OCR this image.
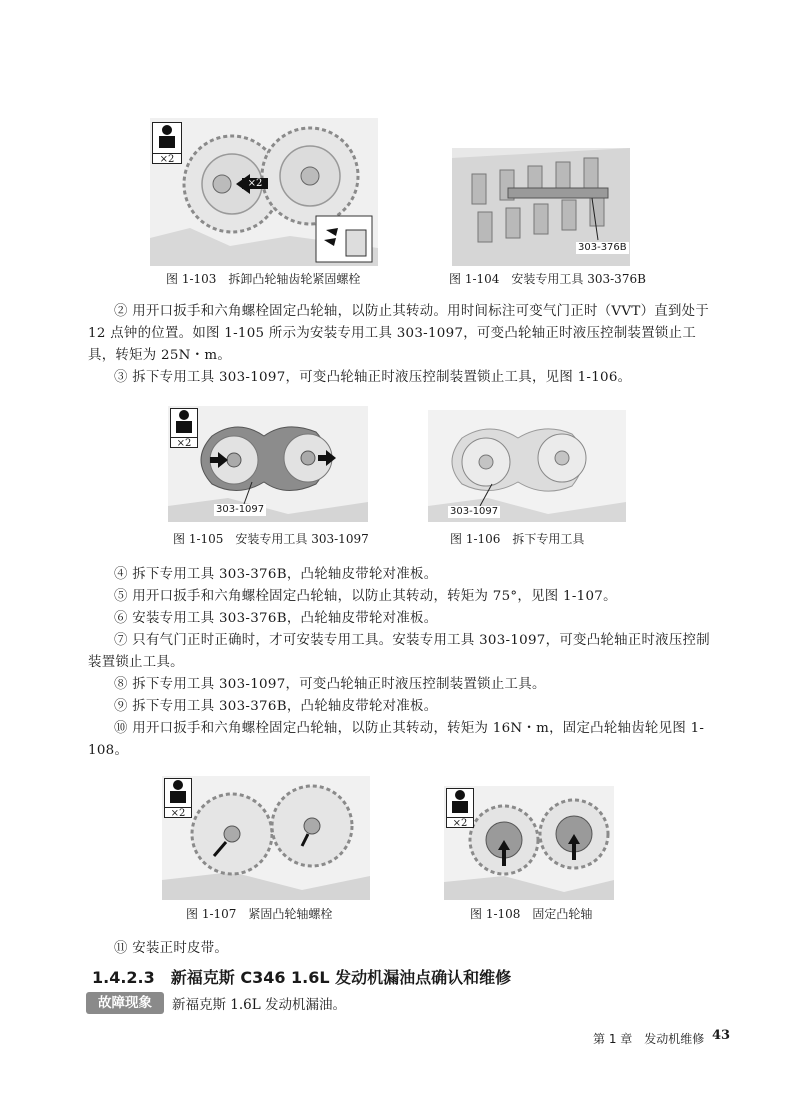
×2
×2
图 1-103　拆卸凸轮轴齿轮紧固螺栓
303-376B
图 1-104　安装专用工具 303-376B
② 用开口扳手和六角螺栓固定凸轮轴，以防止其转动。用时间标注可变气门正时（VVT）直到处于 12 点钟的位置。如图 1-105 所示为安装专用工具 303-1097，可变凸轮轴正时液压控制装置锁止工具，转矩为 25N・m。
③ 拆下专用工具 303-1097，可变凸轮轴正时液压控制装置锁止工具，见图 1-106。
×2
303-1097
图 1-105　安装专用工具 303-1097
303-1097
图 1-106　拆下专用工具
④ 拆下专用工具 303-376B，凸轮轴皮带轮对准板。
⑤ 用开口扳手和六角螺栓固定凸轮轴，以防止其转动，转矩为 75°，见图 1-107。
⑥ 安装专用工具 303-376B，凸轮轴皮带轮对准板。
⑦ 只有气门正时正确时，才可安装专用工具。安装专用工具 303-1097，可变凸轮轴正时液压控制装置锁止工具。
⑧ 拆下专用工具 303-1097，可变凸轮轴正时液压控制装置锁止工具。
⑨ 拆下专用工具 303-376B，凸轮轴皮带轮对准板。
⑩ 用开口扳手和六角螺栓固定凸轮轴，以防止其转动，转矩为 16N・m，固定凸轮轴齿轮见图 1-108。
×2
图 1-107　紧固凸轮轴螺栓
×2
图 1-108　固定凸轮轴
⑪ 安装正时皮带。
1.4.2.3　新福克斯 C346 1.6L 发动机漏油点确认和维修
故障现象	新福克斯 1.6L 发动机漏油。
第 1 章　发动机维修 43
